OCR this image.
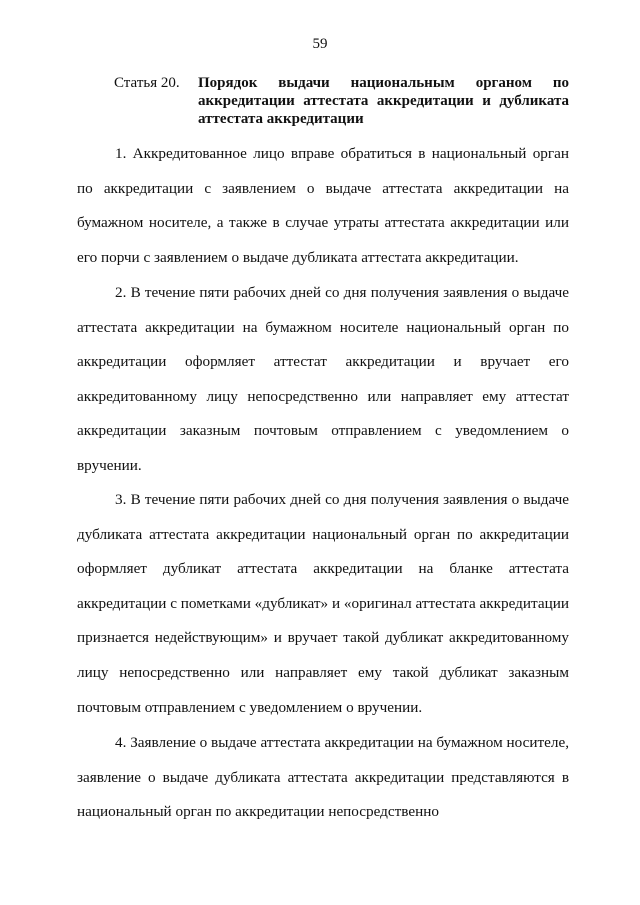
59
Статья 20.	Порядок выдачи национальным органом по аккредитации аттестата аккредитации и дубликата аттестата аккредитации
1. Аккредитованное лицо вправе обратиться в национальный орган по аккредитации с заявлением о выдаче аттестата аккредитации на бумажном носителе, а также в случае утраты аттестата аккредитации или его порчи с заявлением о выдаче дубликата аттестата аккредитации.
2. В течение пяти рабочих дней со дня получения заявления о выдаче аттестата аккредитации на бумажном носителе национальный орган по аккредитации оформляет аттестат аккредитации и вручает его аккредитованному лицу непосредственно или направляет ему аттестат аккредитации заказным почтовым отправлением с уведомлением о вручении.
3. В течение пяти рабочих дней со дня получения заявления о выдаче дубликата аттестата аккредитации национальный орган по аккредитации оформляет дубликат аттестата аккредитации на бланке аттестата аккредитации с пометками «дубликат» и «оригинал аттестата аккредитации признается недействующим» и вручает такой дубликат аккредитованному лицу непосредственно или направляет ему такой дубликат заказным почтовым отправлением с уведомлением о вручении.
4. Заявление о выдаче аттестата аккредитации на бумажном носителе, заявление о выдаче дубликата аттестата аккредитации представляются в национальный орган по аккредитации непосредственно
